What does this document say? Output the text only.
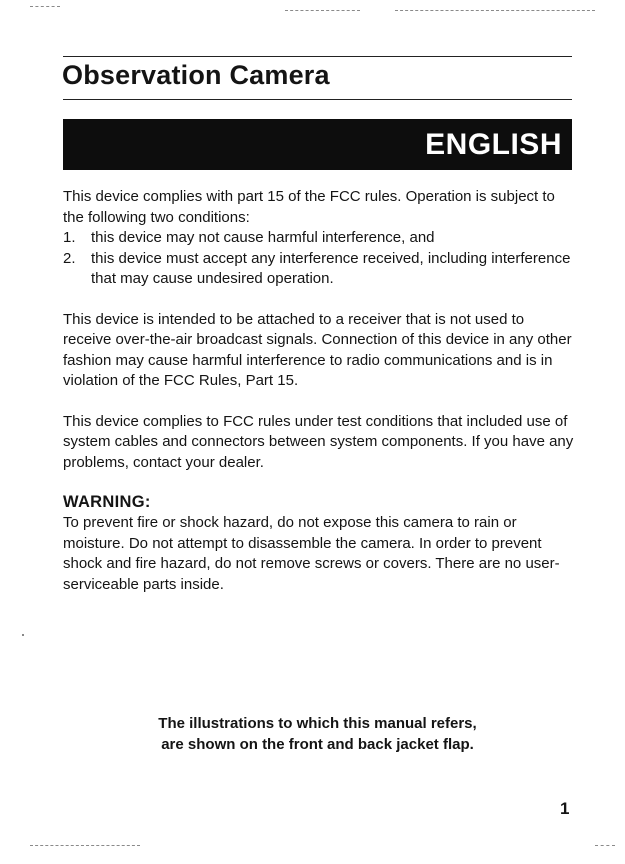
Observation Camera
ENGLISH

This device complies with part 15 of the FCC rules. Operation is subject to the following two conditions:

1. this device may not cause harmful interference, and
2. this device must accept any interference received, including interference that may cause undesired operation.

This device is intended to be attached to a receiver that is not used to receive over-the-air broadcast signals. Connection of this device in any other fashion may cause harmful interference to radio communications and is in violation of the FCC Rules, Part 15.

This device complies to FCC rules under test conditions that included use of system cables and connectors between system components. If you have any problems, contact your dealer.

WARNING:

To prevent fire or shock hazard, do not expose this camera to rain or moisture. Do not attempt to disassemble the camera. In order to prevent shock and fire hazard, do not remove screws or covers. There are no user-serviceable parts inside.

The illustrations to which this manual refers, are shown on the front and back jacket flap.

1
